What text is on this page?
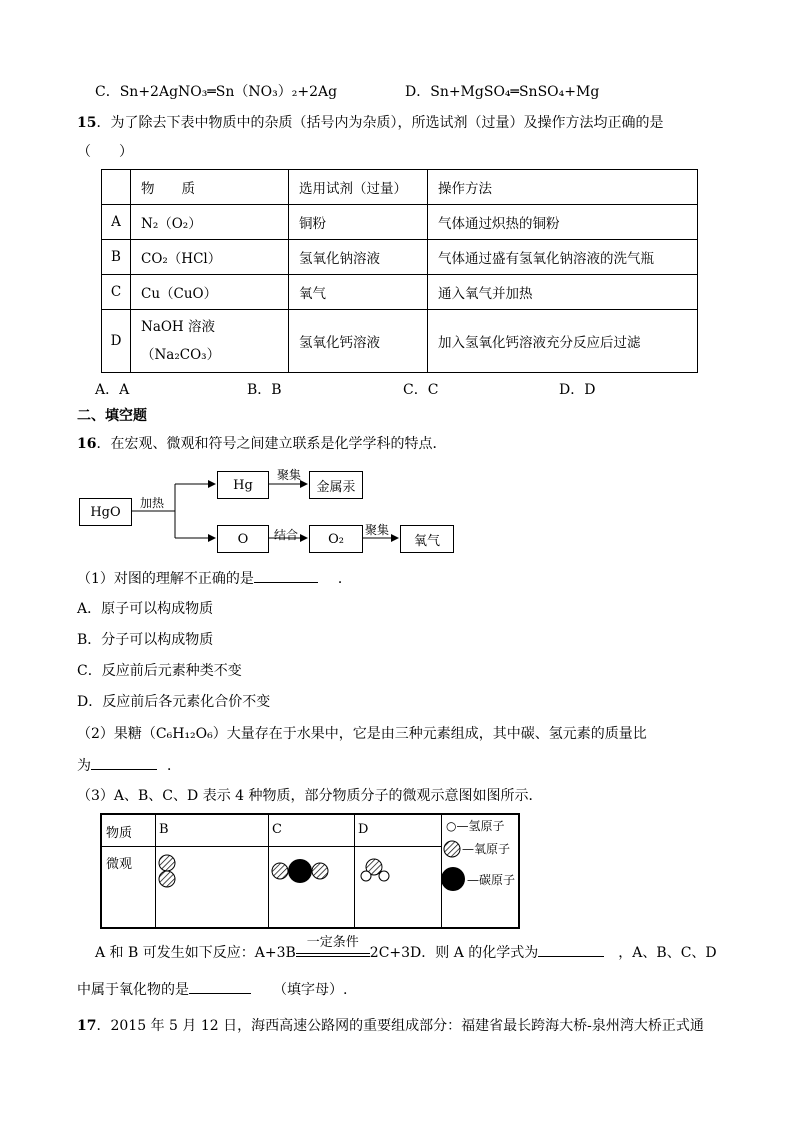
C．Sn+2AgNO₃═Sn（NO₃）₂+2Ag	D．Sn+MgSO₄═SnSO₄+Mg
15．为了除去下表中物质中的杂质（括号内为杂质），所选试剂（过量）及操作方法均正确的是
（　　）
	物　　质	选用试剂（过量）	操作方法
A	N₂（O₂）	铜粉	气体通过炽热的铜粉
B	CO₂（HCl）	氢氧化钠溶液	气体通过盛有氢氧化钠溶液的洗气瓶
C	Cu（CuO）	氧气	通入氧气并加热
D	NaOH 溶液
（Na₂CO₃）	氢氧化钙溶液	加入氢氧化钙溶液充分反应后过滤
A．A	B．B	C．C	D．D
二、填空题
16．在宏观、微观和符号之间建立联系是化学学科的特点．
HgO
加热
Hg
聚集
金属汞
O	结合	O₂
聚集
氧气
（1）对图的理解不正确的是	．
A．原子可以构成物质
B．分子可以构成物质
C．反应前后元素种类不变
D．反应前后各元素化合价不变
（2）果糖（C₆H₁₂O₆）大量存在于水果中，它是由三种元素组成，其中碳、氢元素的质量比
为	．
（3）A、B、C、D 表示 4 种物质，部分物质分子的微观示意图如图所示．
物质 B	C	D
微观
○—氢原子
—氧原子
—碳原子
A 和 B 可发生如下反应：A+3B
一定条件
2C+3D．则 A 的化学式为	，A、B、C、D
中属于氧化物的是	（填字母）.
17．2015 年 5 月 12 日，海西高速公路网的重要组成部分：福建省最长跨海大桥-泉州湾大桥正式通
